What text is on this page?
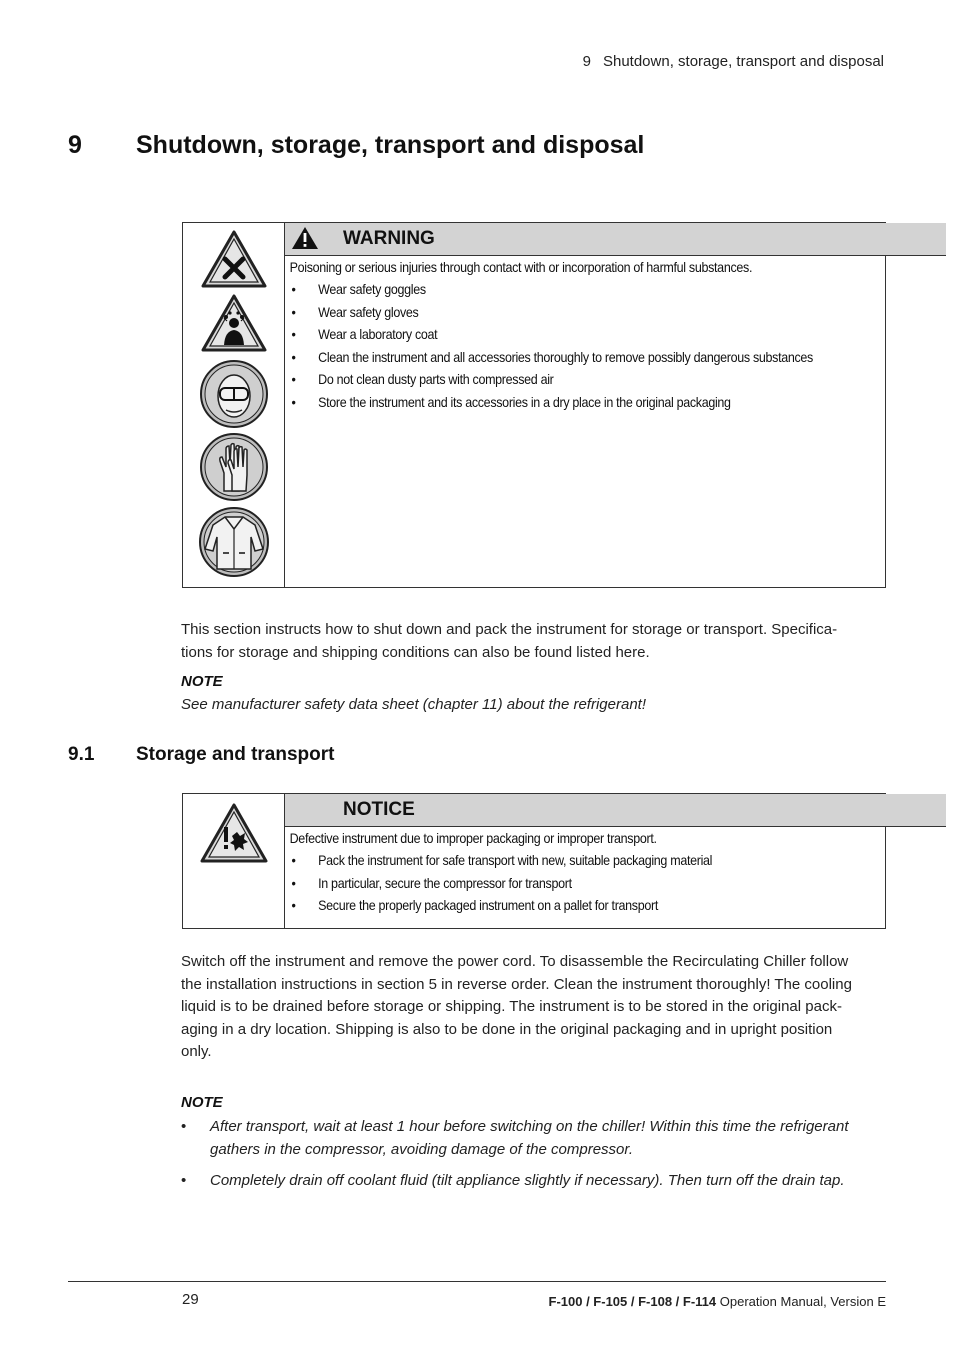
9 Shutdown, storage, transport and disposal
9 Shutdown, storage, transport and disposal
WARNING

Poisoning or serious injuries through contact with or incorporation of harmful substances.

• Wear safety goggles
• Wear safety gloves
• Wear a laboratory coat
• Clean the instrument and all accessories thoroughly to remove possibly dangerous substances
• Do not clean dusty parts with compressed air
• Store the instrument and its accessories in a dry place in the original packaging

This section instructs how to shut down and pack the instrument for storage or transport. Specifica-

tions for storage and shipping conditions can also be found listed here.

NOTE
See manufacturer safety data sheet (chapter 11) about the refrigerant!
9.1 Storage and transport
NOTICE

Defective instrument due to improper packaging or improper transport.

• Pack the instrument for safe transport with new, suitable packaging material
• In particular, secure the compressor for transport
• Secure the properly packaged instrument on a pallet for transport

Switch off the instrument and remove the power cord. To disassemble the Recirculating Chiller follow

the installation instructions in section 5 in reverse order. Clean the instrument thoroughly! The cooling

liquid is to be drained before storage or shipping. The instrument is to be stored in the original pack-

aging in a dry location. Shipping is also to be done in the original packaging and in upright position

only.

NOTE
• After transport, wait at least 1 hour before switching on the chiller! Within this time the refrigerant gathers in the compressor, avoiding damage of the compressor.
• Completely drain off coolant fluid (tilt appliance slightly if necessary). Then turn off the drain tap.
29	F-100 / F-105 / F-108 / F-114 Operation Manual, Version E
